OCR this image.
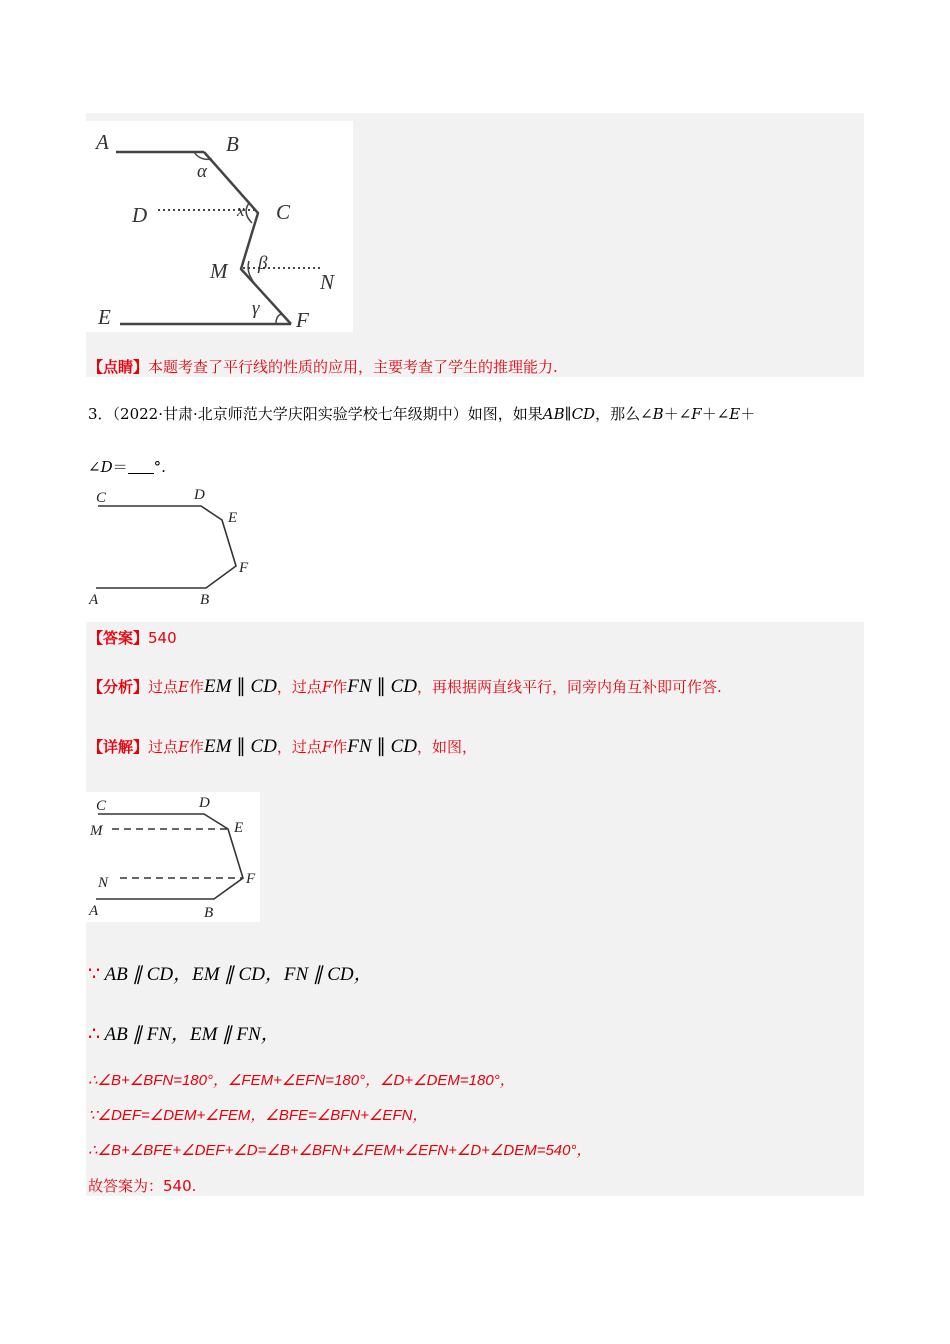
A	B
α
D	x C
M β
N
γ
E	F
【点睛】本题考查了平行线的性质的应用，主要考查了学生的推理能力.
3．（2022·甘肃·北京师范大学庆阳实验学校七年级期中）如图，如果AB∥CD，那么∠B＋∠F＋∠E＋
∠D＝ °.
C	D
E
F
A	B
【答案】540
【分析】过点E作EM ∥ CD，过点F作FN ∥ CD，再根据两直线平行，同旁内角互补即可作答.
【详解】过点E作EM ∥ CD，过点F作FN ∥ CD，如图，
C	D
M	E
N	F
A	B
∵ AB ∥ CD，EM ∥ CD，FN ∥ CD，
∴ AB ∥ FN，EM ∥ FN，
∴∠B+∠BFN=180°，∠FEM+∠EFN=180°，∠D+∠DEM=180°，
∵∠DEF=∠DEM+∠FEM，∠BFE=∠BFN+∠EFN，
∴∠B+∠BFE+∠DEF+∠D=∠B+∠BFN+∠FEM+∠EFN+∠D+∠DEM=540°，
故答案为：540.
